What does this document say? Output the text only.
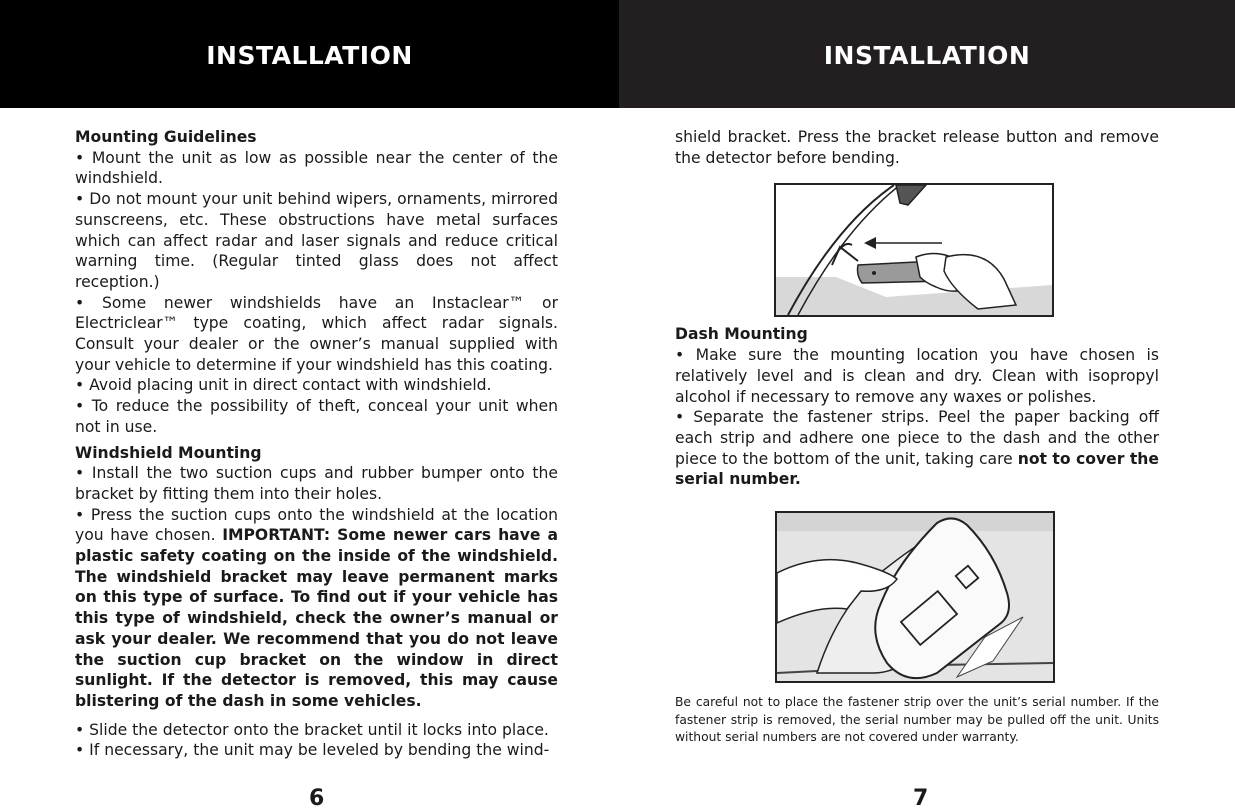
INSTALLATION	INSTALLATION

Mounting Guidelines

• Mount the unit as low as possible near the center of the windshield.

• Do not mount your unit behind wipers, ornaments, mirrored sunscreens, etc. These obstructions have metal surfaces which can affect radar and laser signals and reduce critical warning time. (Regular tinted glass does not affect reception.)

• Some newer windshields have an Instaclear™ or Electriclear™ type coating, which affect radar signals. Consult your dealer or the owner’s manual supplied with your vehicle to determine if your windshield has this coating.

• Avoid placing unit in direct contact with windshield.

• To reduce the possibility of theft, conceal your unit when not in use.

Windshield Mounting

• Install the two suction cups and rubber bumper onto the bracket by fitting them into their holes.

• Press the suction cups onto the windshield at the location you have chosen. IMPORTANT: Some newer cars have a plastic safety coating on the inside of the windshield. The windshield bracket may leave permanent marks on this type of surface. To find out if your vehicle has this type of windshield, check the owner’s manual or ask your dealer. We recommend that you do not leave the suction cup bracket on the window in direct sunlight. If the detector is removed, this may cause blistering of the dash in some vehicles.

• Slide the detector onto the bracket until it locks into place.

• If necessary, the unit may be leveled by bending the wind-

shield bracket. Press the bracket release button and remove the detector before bending.

Dash Mounting

• Make sure the mounting location you have chosen is relatively level and is clean and dry. Clean with isopropyl alcohol if necessary to remove any waxes or polishes.

• Separate the fastener strips. Peel the paper backing off each strip and adhere one piece to the dash and the other piece to the bottom of the unit, taking care not to cover the serial number.

Be careful not to place the fastener strip over the unit’s serial number. If the fastener strip is removed, the serial number may be pulled off the unit. Units without serial numbers are not covered under warranty.
6	7
